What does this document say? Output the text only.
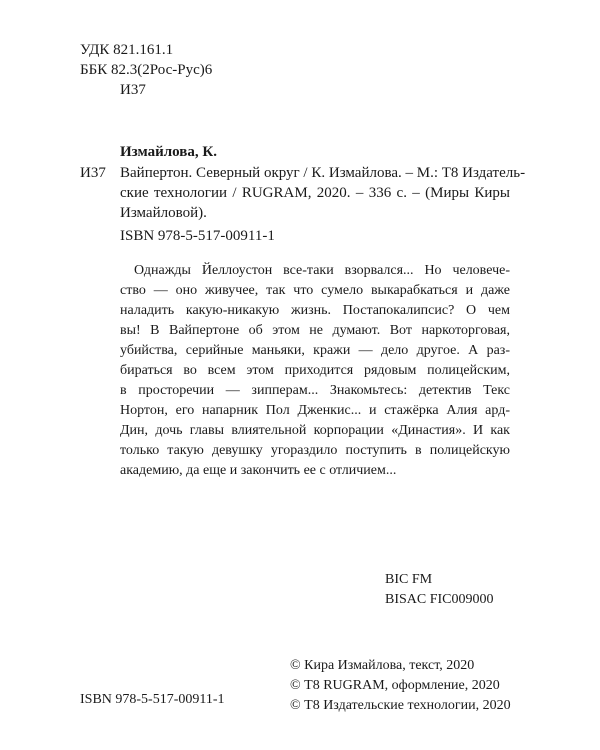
УДК 821.161.1
ББК 82.3(2Рос-Рус)6
И37
Измайлова, К.
И37 Вайпертон. Северный округ / К. Измайлова. – М.: Т8 Издатель-
ские технологии / RUGRAM, 2020. – 336 с. – (Миры Киры
Измайловой).
ISBN 978-5-517-00911-1
Однажды Йеллоустон все-таки взорвался... Но человече-
ство — оно живучее, так что сумело выкарабкаться и даже
наладить какую-никакую жизнь. Постапокалипсис? О чем
вы! В Вайпертоне об этом не думают. Вот наркоторговая,
убийства, серийные маньяки, кражи — дело другое. А раз-
бираться во всем этом приходится рядовым полицейским,
в просторечии — зипперам... Знакомьтесь: детектив Текс
Нортон, его напарник Пол Дженкис... и стажёрка Алия ард-
Дин, дочь главы влиятельной корпорации «Династия». И как
только такую девушку угораздило поступить в полицейскую
академию, да еще и закончить ее с отличием...
BIC FM
BISAC FIC009000
ISBN 978-5-517-00911-1
© Кира Измайлова, текст, 2020
© Т8 RUGRAM, оформление, 2020
© Т8 Издательские технологии, 2020
